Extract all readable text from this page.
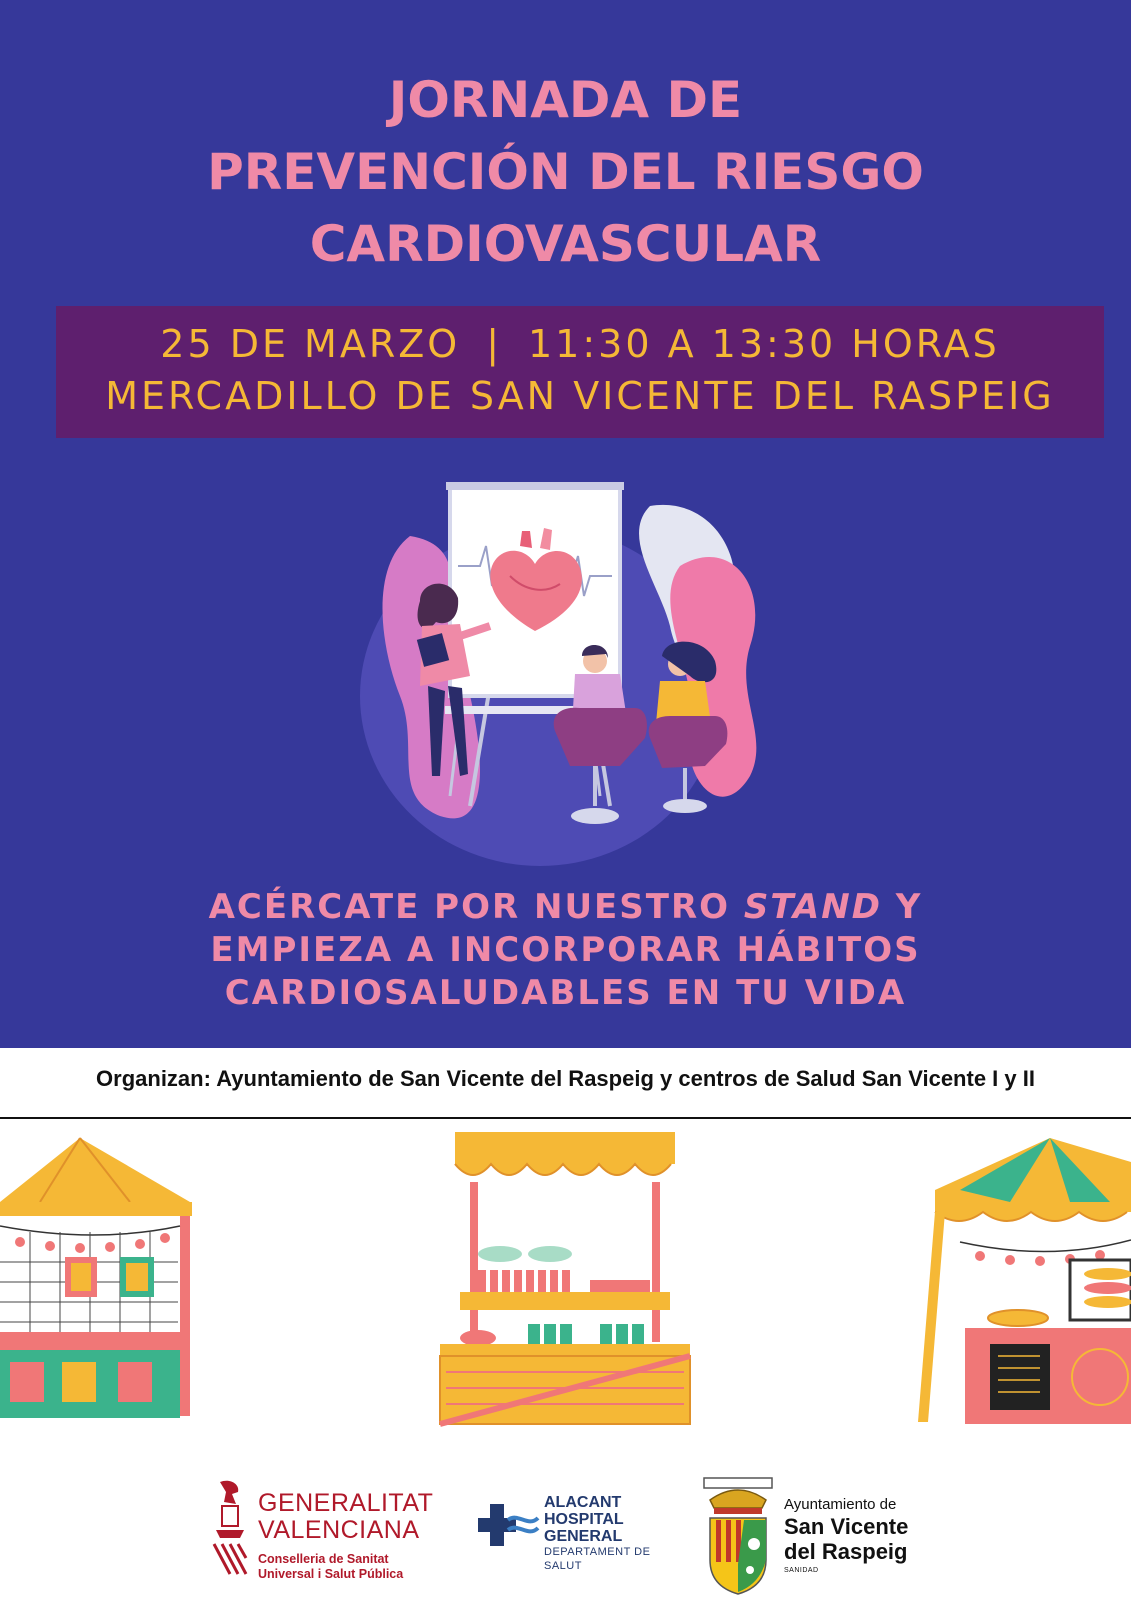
JORNADA DE
PREVENCIÓN DEL RIESGO
CARDIOVASCULAR
25 DE MARZO | 11:30 A 13:30 HORAS
MERCADILLO DE SAN VICENTE DEL RASPEIG
ACÉRCATE POR NUESTRO STAND Y
EMPIEZA A INCORPORAR HÁBITOS
CARDIOSALUDABLES EN TU VIDA
Organizan: Ayuntamiento de San Vicente del Raspeig y centros de Salud San Vicente I y II
GENERALITAT
VALENCIANA
Conselleria de Sanitat
Universal i Salut Pública
ALACANT
HOSPITAL GENERAL
DEPARTAMENT DE SALUT
Ayuntamiento de
San Vicente
del Raspeig
SANIDAD
